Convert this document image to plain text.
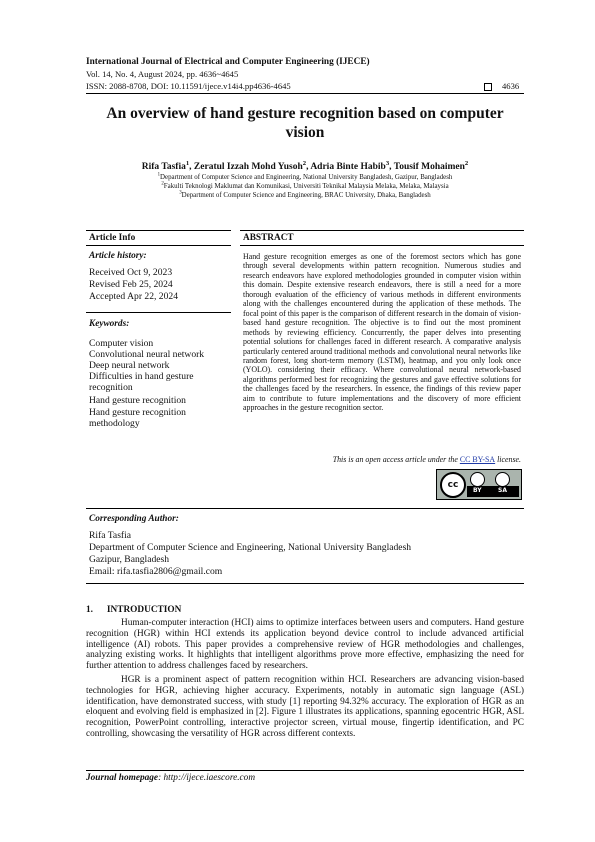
International Journal of Electrical and Computer Engineering (IJECE)
Vol. 14, No. 4, August 2024, pp. 4636~4645
ISSN: 2088-8708, DOI: 10.11591/ijece.v14i4.pp4636-4645	4636
An overview of hand gesture recognition based on computer
vision
Rifa Tasfia$^1$, Zeratul Izzah Mohd Yusoh$^2$, Adria Binte Habib$^3$, Tousif Mohaimen$^2$
$^1$Department of Computer Science and Engineering, National University Bangladesh, Gazipur, Bangladesh
$^2$Fakulti Teknologi Maklumat dan Komunikasi, Universiti Teknikal Malaysia Melaka, Melaka, Malaysia
$^3$Department of Computer Science and Engineering, BRAC University, Dhaka, Bangladesh
Article Info
Article history:
Received Oct 9, 2023
Revised Feb 25, 2024
Accepted Apr 22, 2024
Keywords:
Computer vision
Convolutional neural network
Deep neural network
Difficulties in hand gesture
recognition
Hand gesture recognition
Hand gesture recognition
methodology
ABSTRACT
Hand gesture recognition emerges as one of the foremost sectors which has gone through several developments within pattern recognition. Numerous studies and research endeavors have explored methodologies grounded in computer vision within this domain. Despite extensive research endeavors, there is still a need for a more thorough evaluation of the efficiency of various methods in different environments along with the challenges encountered during the application of these methods. The focal point of this paper is the comparison of different research in the domain of vision-based hand gesture recognition. The objective is to find out the most prominent methods by reviewing efficiency. Concurrently, the paper delves into presenting potential solutions for challenges faced in different research. A comparative analysis particularly centered around traditional methods and convolutional neural networks like random forest, long short-term memory (LSTM), heatmap, and you only look once (YOLO). considering their efficacy. Where convolutional neural network-based algorithms performed best for recognizing the gestures and gave effective solutions for the challenges faced by the researchers. In essence, the findings of this review paper aim to contribute to future implementations and the discovery of more efficient approaches in the gesture recognition sector.
This is an open access article under the CC BY-SA license.
cc
BY	SA
Corresponding Author:
Rifa Tasfia
Department of Computer Science and Engineering, National University Bangladesh
Gazipur, Bangladesh
Email: rifa.tasfia2806@gmail.com
1.      INTRODUCTION
Human-computer interaction (HCI) aims to optimize interfaces between users and computers. Hand gesture recognition (HGR) within HCI extends its application beyond device control to include advanced artificial intelligence (AI) robots. This paper provides a comprehensive review of HGR methodologies and challenges, analyzing existing works. It highlights that intelligent algorithms prove more effective, emphasizing the need for further attention to address challenges faced by researchers.
HGR is a prominent aspect of pattern recognition within HCI. Researchers are advancing vision-based technologies for HGR, achieving higher accuracy. Experiments, notably in automatic sign language (ASL) identification, have demonstrated success, with study [1] reporting 94.32% accuracy. The exploration of HGR as an eloquent and evolving field is emphasized in [2]. Figure 1 illustrates its applications, spanning egocentric HGR, ASL recognition, PowerPoint controlling, interactive projector screen, virtual mouse, fingertip identification, and PC controlling, showcasing the versatility of HGR across different contexts.
Journal homepage: http://ijece.iaescore.com
